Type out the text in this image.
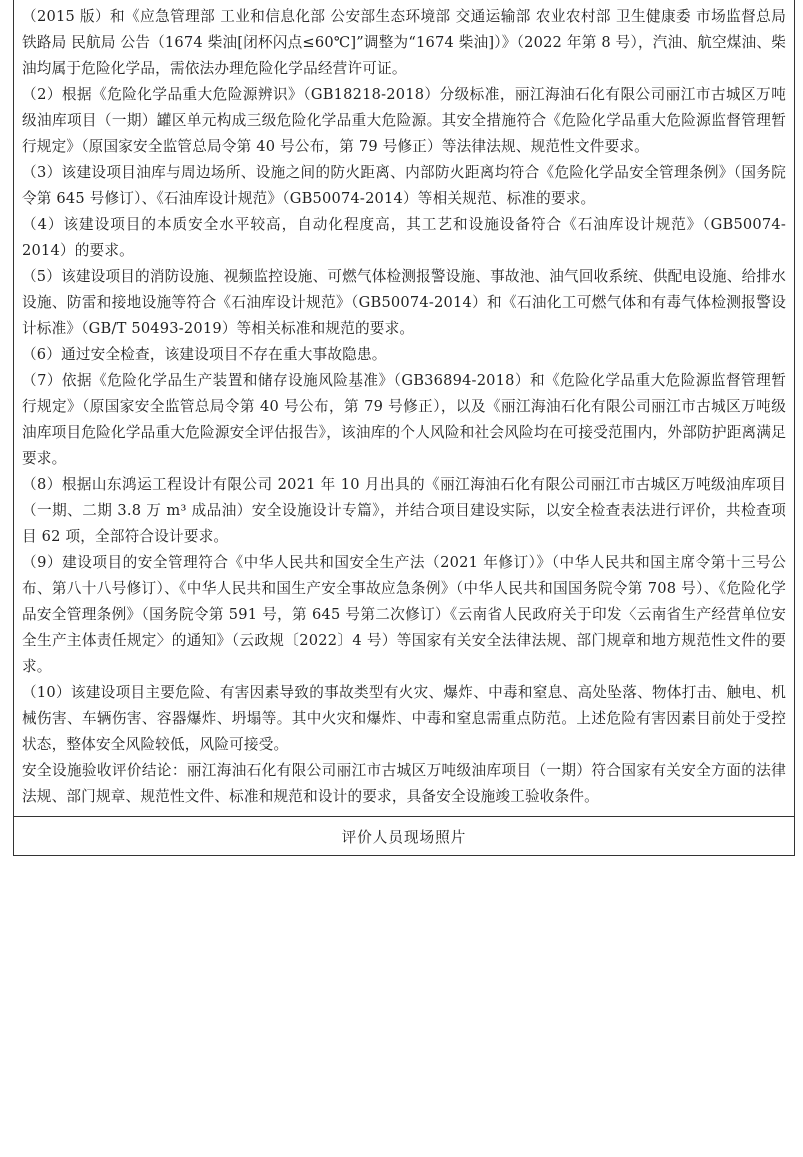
（2015 版）和《应急管理部 工业和信息化部 公安部生态环境部 交通运输部 农业农村部 卫生健康委 市场监督总局 铁路局 民航局 公告（1674 柴油[闭杯闪点≤60℃]”调整为“1674 柴油]）》（2022 年第 8 号），汽油、航空煤油、柴油均属于危险化学品，需依法办理危险化学品经营许可证。

（2）根据《危险化学品重大危险源辨识》（GB18218-2018）分级标准，丽江海油石化有限公司丽江市古城区万吨级油库项目（一期）罐区单元构成三级危险化学品重大危险源。其安全措施符合《危险化学品重大危险源监督管理暂行规定》（原国家安全监管总局令第 40 号公布，第 79 号修正）等法律法规、规范性文件要求。

（3）该建设项目油库与周边场所、设施之间的防火距离、内部防火距离均符合《危险化学品安全管理条例》（国务院令第 645 号修订）、《石油库设计规范》（GB50074-2014）等相关规范、标准的要求。

（4）该建设项目的本质安全水平较高，自动化程度高，其工艺和设施设备符合《石油库设计规范》（GB50074-2014）的要求。

（5）该建设项目的消防设施、视频监控设施、可燃气体检测报警设施、事故池、油气回收系统、供配电设施、给排水设施、防雷和接地设施等符合《石油库设计规范》（GB50074-2014）和《石油化工可燃气体和有毒气体检测报警设计标准》（GB/T 50493-2019）等相关标准和规范的要求。

（6）通过安全检查，该建设项目不存在重大事故隐患。

（7）依据《危险化学品生产装置和储存设施风险基准》（GB36894-2018）和《危险化学品重大危险源监督管理暂行规定》（原国家安全监管总局令第 40 号公布，第 79 号修正），以及《丽江海油石化有限公司丽江市古城区万吨级油库项目危险化学品重大危险源安全评估报告》，该油库的个人风险和社会风险均在可接受范围内，外部防护距离满足要求。

（8）根据山东鸿运工程设计有限公司 2021 年 10 月出具的《丽江海油石化有限公司丽江市古城区万吨级油库项目（一期、二期 3.8 万 m³ 成品油）安全设施设计专篇》，并结合项目建设实际，以安全检查表法进行评价，共检查项目 62 项，全部符合设计要求。

（9）建设项目的安全管理符合《中华人民共和国安全生产法（2021 年修订）》（中华人民共和国主席令第十三号公布、第八十八号修订）、《中华人民共和国生产安全事故应急条例》（中华人民共和国国务院令第 708 号）、《危险化学品安全管理条例》（国务院令第 591 号，第 645 号第二次修订）《云南省人民政府关于印发〈云南省生产经营单位安全生产主体责任规定〉的通知》（云政规〔2022〕4 号）等国家有关安全法律法规、部门规章和地方规范性文件的要求。

（10）该建设项目主要危险、有害因素导致的事故类型有火灾、爆炸、中毒和窒息、高处坠落、物体打击、触电、机械伤害、车辆伤害、容器爆炸、坍塌等。其中火灾和爆炸、中毒和窒息需重点防范。上述危险有害因素目前处于受控状态，整体安全风险较低，风险可接受。

安全设施验收评价结论：丽江海油石化有限公司丽江市古城区万吨级油库项目（一期）符合国家有关安全方面的法律法规、部门规章、规范性文件、标准和规范和设计的要求，具备安全设施竣工验收条件。

评价人员现场照片
